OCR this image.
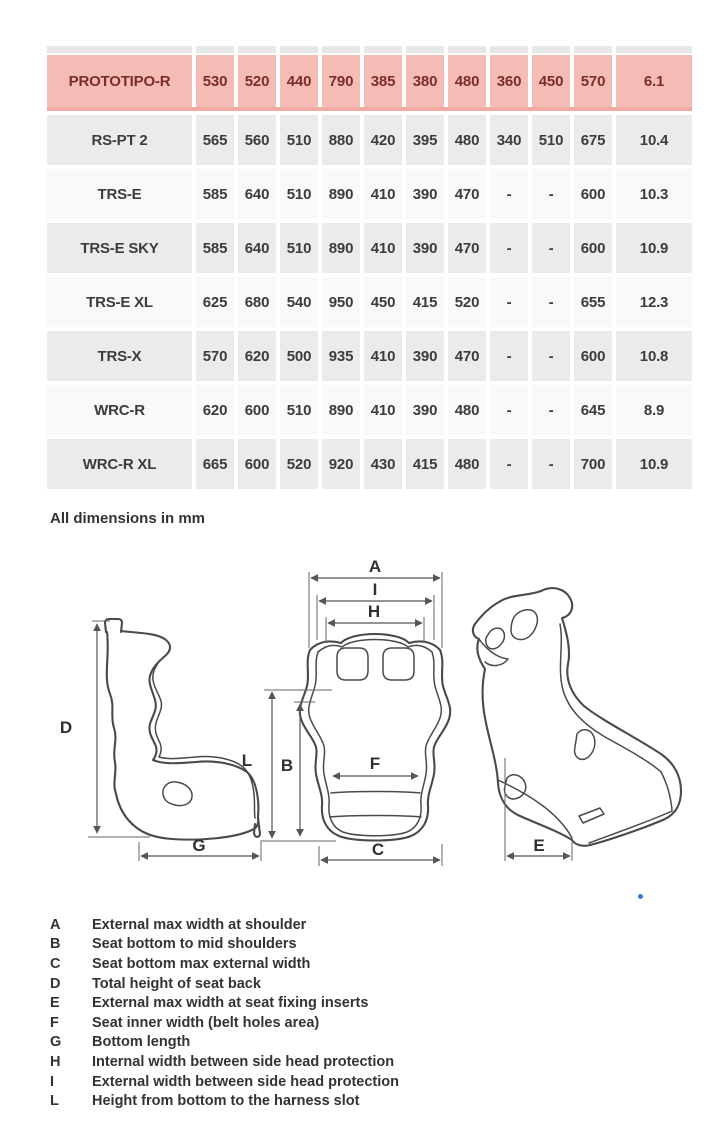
PROTOTIPO-R	530	520	440	790	385	380	480	360	450	570	6.1
RS-PT 2	565	560	510	880	420	395	480	340	510	675	10.4
TRS-E	585	640	510	890	410	390	470	-	-	600	10.3
TRS-E SKY	585	640	510	890	410	390	470	-	-	600	10.9
TRS-E XL	625	680	540	950	450	415	520	-	-	655	12.3
TRS-X	570	620	500	935	410	390	470	-	-	600	10.8
WRC-R	620	600	510	890	410	390	480	-	-	645	8.9
WRC-R XL	665	600	520	920	430	415	480	-	-	700	10.9
All dimensions in mm
D
G
L
A
I
H
B	F
C	E
A	External max width at shoulder
B	Seat bottom to mid shoulders
C	Seat bottom max external width
D	Total height of seat back
E	External max width at seat fixing inserts
F	Seat inner width (belt holes area)
G	Bottom length
H	Internal width between side head protection
I	External width between side head protection
L	Height from bottom to the harness slot
